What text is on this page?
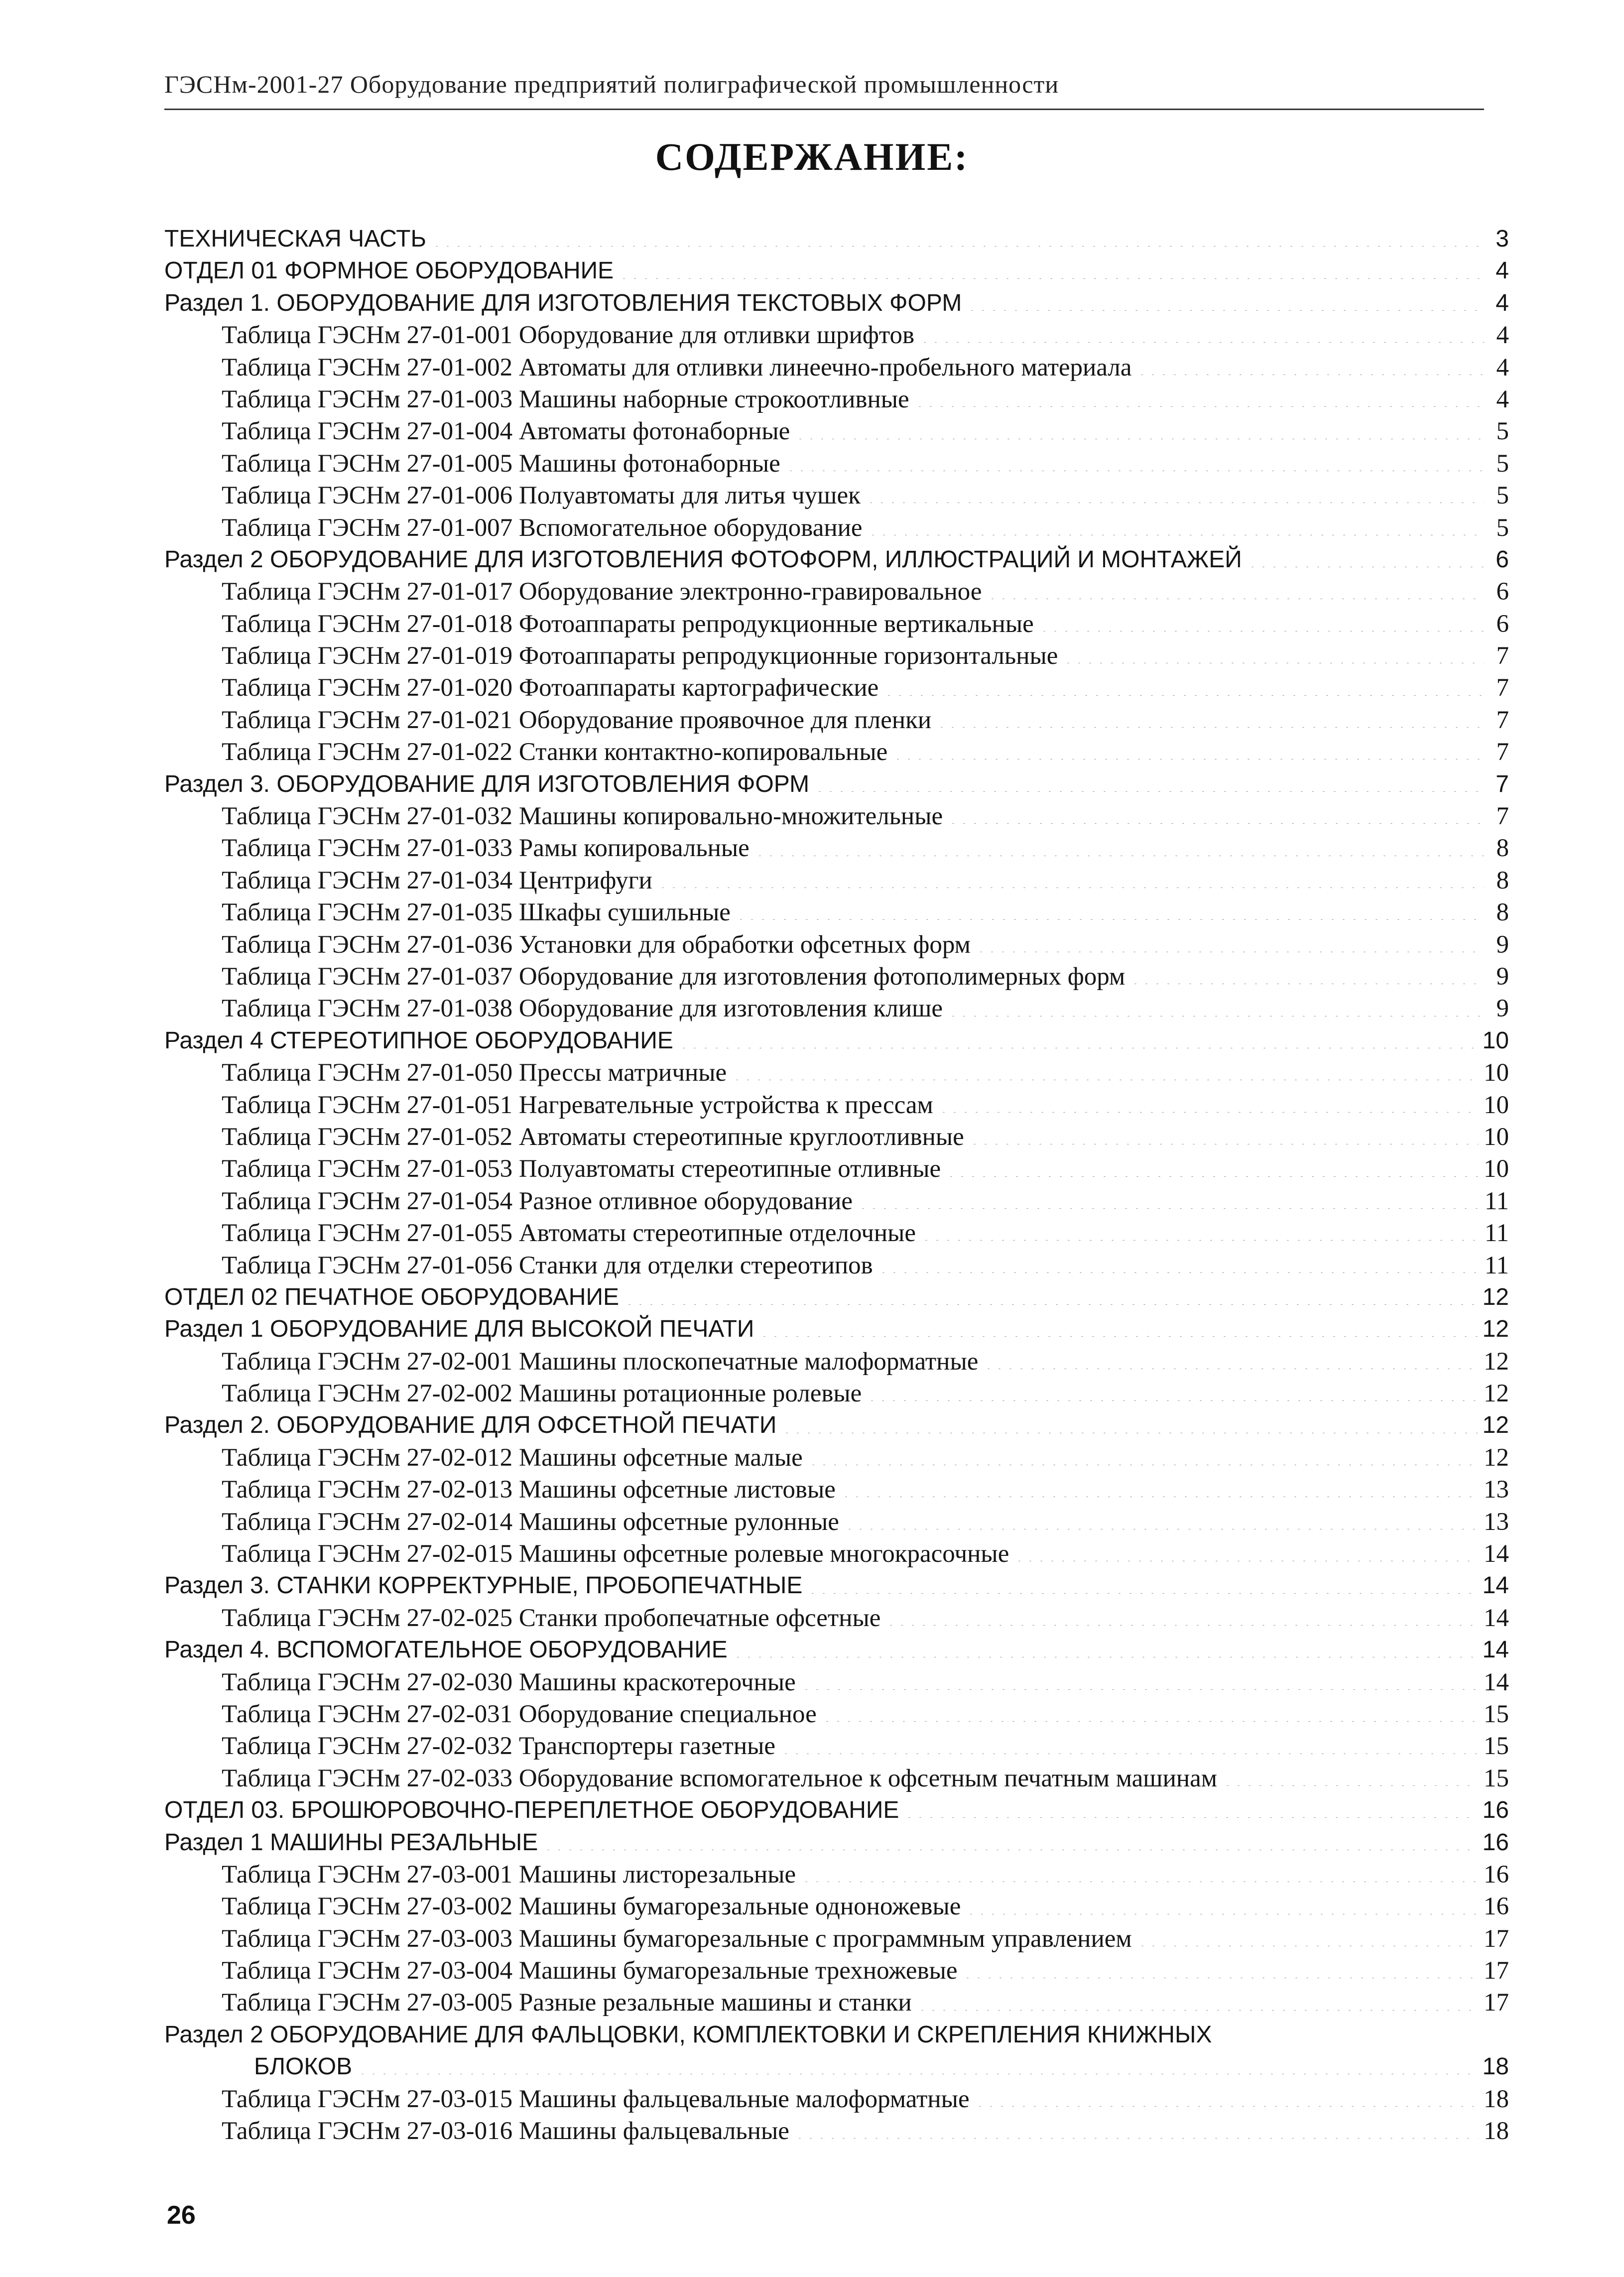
ГЭСНм-2001-27 Оборудование предприятий полиграфической промышленности
СОДЕРЖАНИЕ:
ТЕХНИЧЕСКАЯ ЧАСТЬ	3
ОТДЕЛ 01 ФОРМНОЕ ОБОРУДОВАНИЕ	4
Раздел 1. ОБОРУДОВАНИЕ ДЛЯ ИЗГОТОВЛЕНИЯ ТЕКСТОВЫХ ФОРМ	4
Таблица ГЭСНм 27-01-001 Оборудование для отливки шрифтов	4
Таблица ГЭСНм 27-01-002 Автоматы для отливки линеечно-пробельного материала	4
Таблица ГЭСНм 27-01-003 Машины наборные строкоотливные	4
Таблица ГЭСНм 27-01-004 Автоматы фотонаборные	5
Таблица ГЭСНм 27-01-005 Машины фотонаборные	5
Таблица ГЭСНм 27-01-006 Полуавтоматы для литья чушек	5
Таблица ГЭСНм 27-01-007 Вспомогательное оборудование	5
Раздел 2 ОБОРУДОВАНИЕ ДЛЯ ИЗГОТОВЛЕНИЯ ФОТОФОРМ, ИЛЛЮСТРАЦИЙ И МОНТАЖЕЙ	6
Таблица ГЭСНм 27-01-017 Оборудование электронно-гравировальное	6
Таблица ГЭСНм 27-01-018 Фотоаппараты репродукционные вертикальные	6
Таблица ГЭСНм 27-01-019 Фотоаппараты репродукционные горизонтальные	7
Таблица ГЭСНм 27-01-020 Фотоаппараты картографические	7
Таблица ГЭСНм 27-01-021 Оборудование проявочное для пленки	7
Таблица ГЭСНм 27-01-022 Станки контактно-копировальные	7
Раздел 3. ОБОРУДОВАНИЕ ДЛЯ ИЗГОТОВЛЕНИЯ ФОРМ	7
Таблица ГЭСНм 27-01-032 Машины копировально-множительные	7
Таблица ГЭСНм 27-01-033 Рамы копировальные	8
Таблица ГЭСНм 27-01-034 Центрифуги	8
Таблица ГЭСНм 27-01-035 Шкафы сушильные	8
Таблица ГЭСНм 27-01-036 Установки для обработки офсетных форм	9
Таблица ГЭСНм 27-01-037 Оборудование для изготовления фотополимерных форм	9
Таблица ГЭСНм 27-01-038 Оборудование для изготовления клише	9
Раздел 4 СТЕРЕОТИПНОЕ ОБОРУДОВАНИЕ	10
Таблица ГЭСНм 27-01-050 Прессы матричные	10
Таблица ГЭСНм 27-01-051 Нагревательные устройства к прессам	10
Таблица ГЭСНм 27-01-052 Автоматы стереотипные круглоотливные	10
Таблица ГЭСНм 27-01-053 Полуавтоматы стереотипные отливные	10
Таблица ГЭСНм 27-01-054 Разное отливное оборудование	11
Таблица ГЭСНм 27-01-055 Автоматы стереотипные отделочные	11
Таблица ГЭСНм 27-01-056 Станки для отделки стереотипов	11
ОТДЕЛ 02 ПЕЧАТНОЕ ОБОРУДОВАНИЕ	12
Раздел 1 ОБОРУДОВАНИЕ ДЛЯ ВЫСОКОЙ ПЕЧАТИ	12
Таблица ГЭСНм 27-02-001 Машины плоскопечатные малоформатные	12
Таблица ГЭСНм 27-02-002 Машины ротационные ролевые	12
Раздел 2. ОБОРУДОВАНИЕ ДЛЯ ОФСЕТНОЙ ПЕЧАТИ	12
Таблица ГЭСНм 27-02-012 Машины офсетные малые	12
Таблица ГЭСНм 27-02-013 Машины офсетные листовые	13
Таблица ГЭСНм 27-02-014 Машины офсетные рулонные	13
Таблица ГЭСНм 27-02-015 Машины офсетные ролевые многокрасочные	14
Раздел 3. СТАНКИ КОРРЕКТУРНЫЕ, ПРОБОПЕЧАТНЫЕ	14
Таблица ГЭСНм 27-02-025 Станки пробопечатные офсетные	14
Раздел 4. ВСПОМОГАТЕЛЬНОЕ ОБОРУДОВАНИЕ	14
Таблица ГЭСНм 27-02-030 Машины краскотерочные	14
Таблица ГЭСНм 27-02-031 Оборудование специальное	15
Таблица ГЭСНм 27-02-032 Транспортеры газетные	15
Таблица ГЭСНм 27-02-033 Оборудование вспомогательное к офсетным печатным машинам	15
ОТДЕЛ 03. БРОШЮРОВОЧНО-ПЕРЕПЛЕТНОЕ ОБОРУДОВАНИЕ	16
Раздел 1 МАШИНЫ РЕЗАЛЬНЫЕ	16
Таблица ГЭСНм 27-03-001 Машины листорезальные	16
Таблица ГЭСНм 27-03-002 Машины бумагорезальные одноножевые	16
Таблица ГЭСНм 27-03-003 Машины бумагорезальные с программным управлением	17
Таблица ГЭСНм 27-03-004 Машины бумагорезальные трехножевые	17
Таблица ГЭСНм 27-03-005 Разные резальные машины и станки	17
Раздел 2 ОБОРУДОВАНИЕ ДЛЯ ФАЛЬЦОВКИ, КОМПЛЕКТОВКИ И СКРЕПЛЕНИЯ КНИЖНЫХ
БЛОКОВ	18
Таблица ГЭСНм 27-03-015 Машины фальцевальные малоформатные	18
Таблица ГЭСНм 27-03-016 Машины фальцевальные	18
26
